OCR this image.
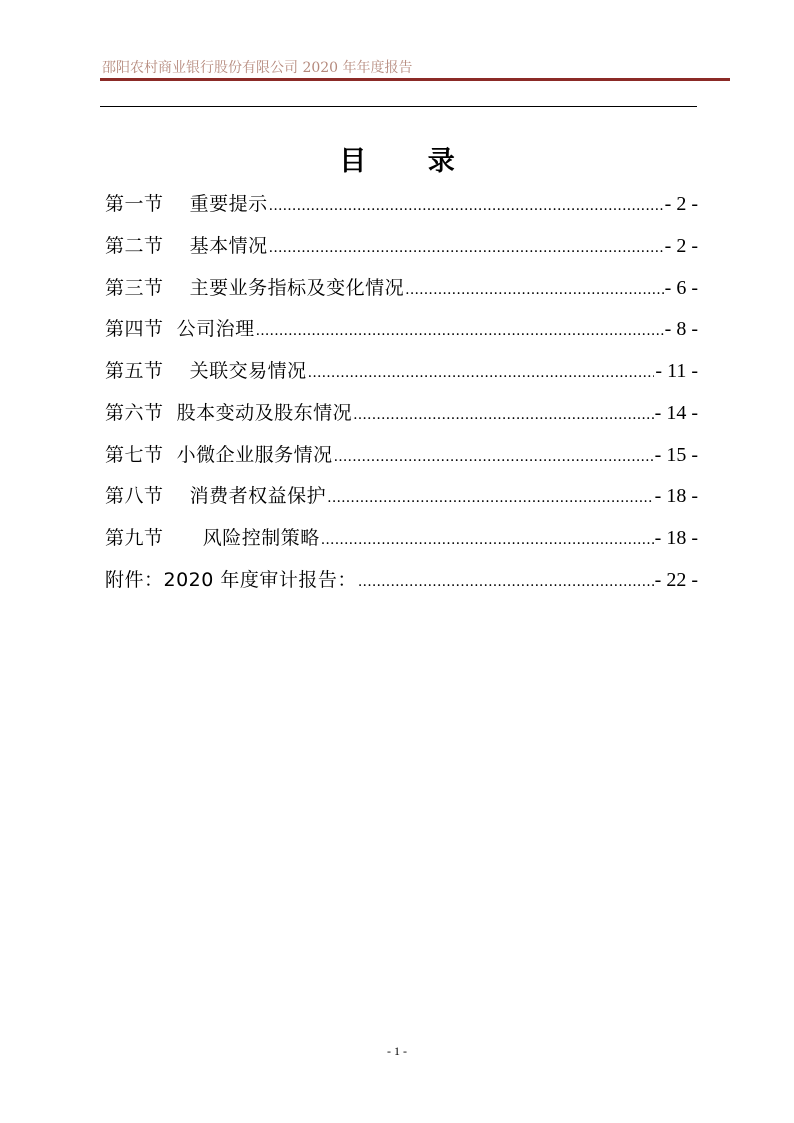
邵阳农村商业银行股份有限公司 2020 年年度报告
目 录
第一节    重要提示 .....	- 2 -
第二节    基本情况 .....	- 2 -
第三节    主要业务指标及变化情况 .....	- 6 -
第四节  公司治理 .....	- 8 -
第五节    关联交易情况 .....	- 11 -
第六节  股本变动及股东情况 .....	- 14 -
第七节  小微企业服务情况 .....	- 15 -
第八节    消费者权益保护 .....	- 18 -
第九节      风险控制策略 .....	- 18 -
附件：2020 年度审计报告： .....	- 22 -
- 1 -
